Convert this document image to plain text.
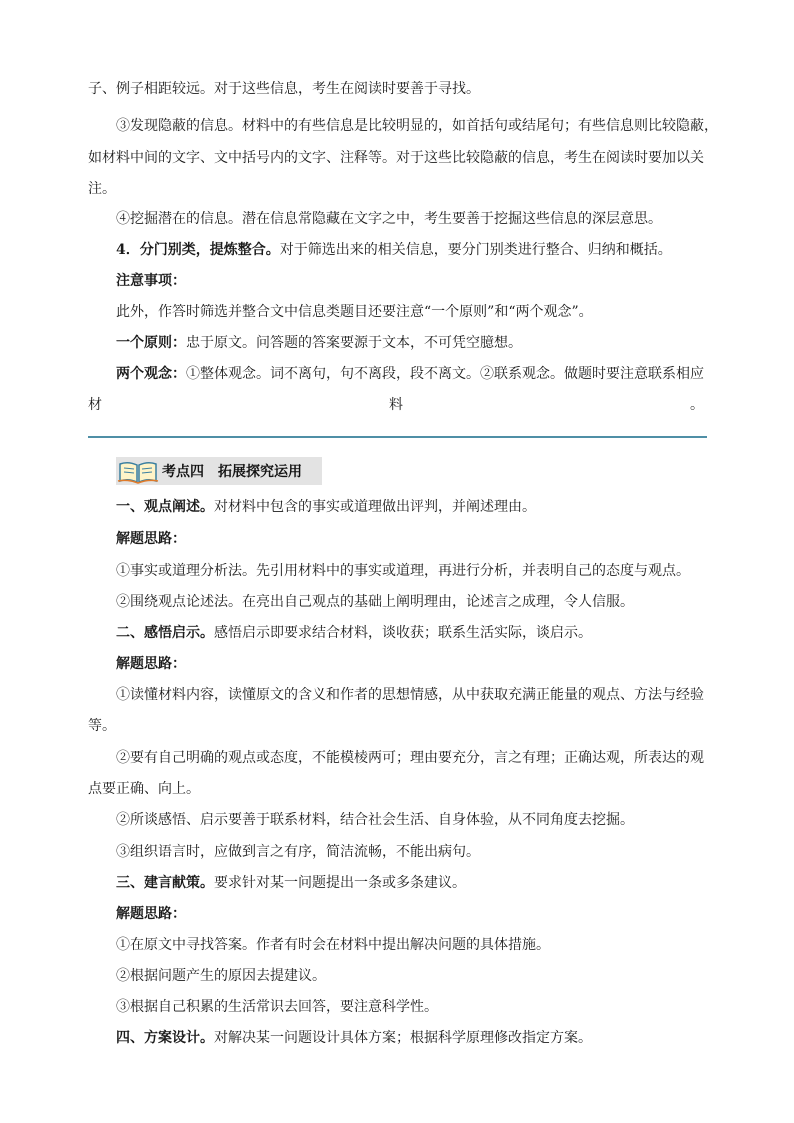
子、例子相距较远。对于这些信息，考生在阅读时要善于寻找。
③发现隐蔽的信息。材料中的有些信息是比较明显的，如首括句或结尾句；有些信息则比较隐蔽，
如材料中间的文字、文中括号内的文字、注释等。对于这些比较隐蔽的信息，考生在阅读时要加以关
注。
④挖掘潜在的信息。潜在信息常隐藏在文字之中，考生要善于挖掘这些信息的深层意思。
4．分门别类，提炼整合。对于筛选出来的相关信息，要分门别类进行整合、归纳和概括。
注意事项：
此外，作答时筛选并整合文中信息类题目还要注意“一个原则”和“两个观念”。
一个原则：忠于原文。问答题的答案要源于文本，不可凭空臆想。
两个观念：①整体观念。词不离句，句不离段，段不离文。②联系观念。做题时要注意联系相应
材	料	。
考点四　拓展探究运用
一、观点阐述。对材料中包含的事实或道理做出评判，并阐述理由。
解题思路：
①事实或道理分析法。先引用材料中的事实或道理，再进行分析，并表明自己的态度与观点。
②围绕观点论述法。在亮出自己观点的基础上阐明理由，论述言之成理，令人信服。
二、感悟启示。感悟启示即要求结合材料，谈收获；联系生活实际，谈启示。
解题思路：
①读懂材料内容，读懂原文的含义和作者的思想情感，从中获取充满正能量的观点、方法与经验
等。
②要有自己明确的观点或态度，不能模棱两可；理由要充分，言之有理；正确达观，所表达的观
点要正确、向上。
②所谈感悟、启示要善于联系材料，结合社会生活、自身体验，从不同角度去挖掘。
③组织语言时，应做到言之有序，简洁流畅，不能出病句。
三、建言献策。要求针对某一问题提出一条或多条建议。
解题思路：
①在原文中寻找答案。作者有时会在材料中提出解决问题的具体措施。
②根据问题产生的原因去提建议。
③根据自己积累的生活常识去回答，要注意科学性。
四、方案设计。对解决某一问题设计具体方案；根据科学原理修改指定方案。
